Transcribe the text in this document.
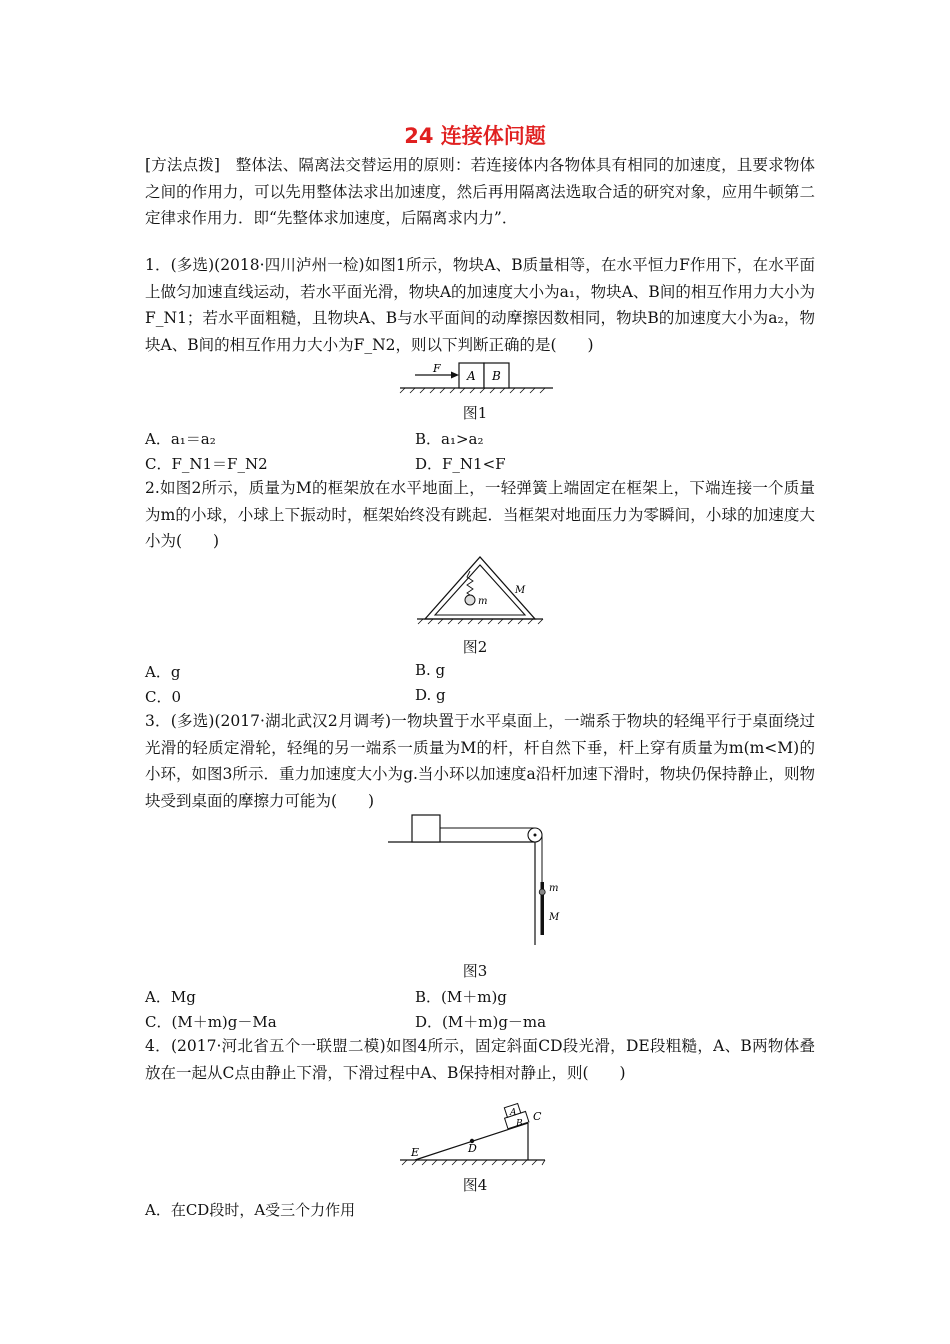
24 连接体问题
[方法点拨]　整体法、隔离法交替运用的原则：若连接体内各物体具有相同的加速度，且要求物体之间的作用力，可以先用整体法求出加速度，然后再用隔离法选取合适的研究对象，应用牛顿第二定律求作用力．即“先整体求加速度，后隔离求内力”．
1．(多选)(2018·四川泸州一检)如图1所示，物块A、B质量相等，在水平恒力F作用下，在水平面上做匀加速直线运动，若水平面光滑，物块A的加速度大小为a₁，物块A、B间的相互作用力大小为F_N1；若水平面粗糙，且物块A、B与水平面间的动摩擦因数相同，物块B的加速度大小为a₂，物块A、B间的相互作用力大小为F_N2，则以下判断正确的是(　　)
F
A B
图1
A．a₁＝a₂	B．a₁>a₂
C．F_N1＝F_N2	D．F_N1<F
2.如图2所示，质量为M的框架放在水平地面上，一轻弹簧上端固定在框架上，下端连接一个质量为m的小球，小球上下振动时，框架始终没有跳起．当框架对地面压力为零瞬间，小球的加速度大小为(　　)
m
M
图2
A．g	B. g
C．0	D. g
3．(多选)(2017·湖北武汉2月调考)一物块置于水平桌面上，一端系于物块的轻绳平行于桌面绕过光滑的轻质定滑轮，轻绳的另一端系一质量为M的杆，杆自然下垂，杆上穿有质量为m(m<M)的小环，如图3所示．重力加速度大小为g.当小环以加速度a沿杆加速下滑时，物块仍保持静止，则物块受到桌面的摩擦力可能为(　　)
m
M
图3
A．Mg	B．(M＋m)g
C．(M＋m)g－Ma	D．(M＋m)g－ma
4．(2017·河北省五个一联盟二模)如图4所示，固定斜面CD段光滑，DE段粗糙，A、B两物体叠放在一起从C点由静止下滑，下滑过程中A、B保持相对静止，则(　　)
A
B
C
D
E
图4
A．在CD段时，A受三个力作用
